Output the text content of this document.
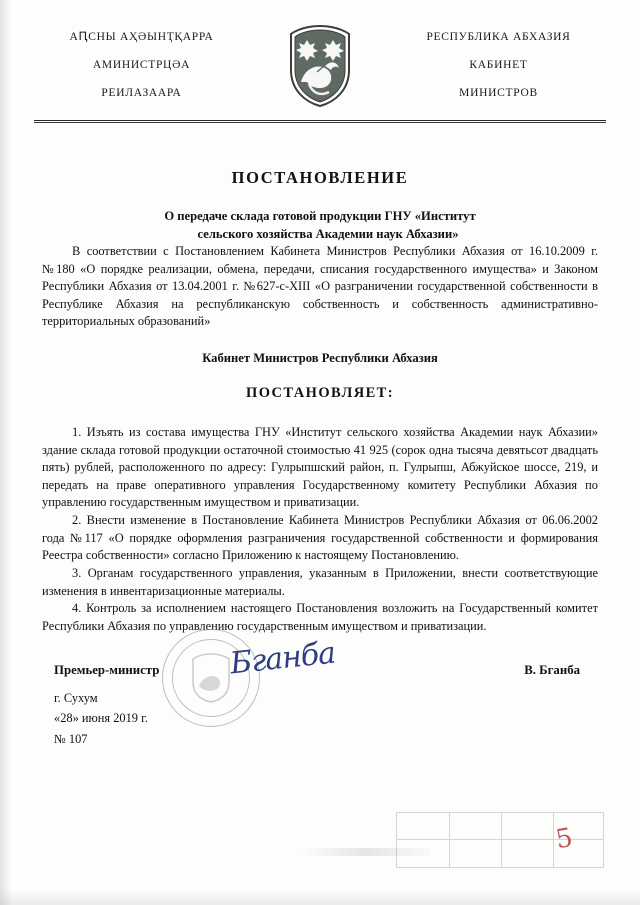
АԤСНЫ АҲӘЫНҬҚАРРА
АМИНИСТРЦӘА
РЕИЛАЗААРА
РЕСПУБЛИКА АБХАЗИЯ
КАБИНЕТ
МИНИСТРОВ
ПОСТАНОВЛЕНИЕ
О передаче склада готовой продукции ГНУ «Институт
сельского хозяйства Академии наук Абхазии»

В соответствии с Постановлением Кабинета Министров Республики Абхазия от 16.10.2009 г. №180 «О порядке реализации, обмена, передачи, списания государственного имущества» и Законом Республики Абхазия от 13.04.2001 г. №627-с-XIII «О разграничении государственной собственности в Республике Абхазия на республиканскую собственность и собственность административно-территориальных образований»

Кабинет Министров Республики Абхазия

ПОСТАНОВЛЯЕТ:

1. Изъять из состава имущества ГНУ «Институт сельского хозяйства Академии наук Абхазии» здание склада готовой продукции остаточной стоимостью 41 925 (сорок одна тысяча девятьсот двадцать пять) рублей, расположенного по адресу: Гулрыпшский район, п. Гулрыпш, Абжуйское шоссе, 219, и передать на праве оперативного управления Государственному комитету Республики Абхазия по управлению государственным имуществом и приватизации.

2. Внести изменение в Постановление Кабинета Министров Республики Абхазия от 06.06.2002 года №117 «О порядке оформления разграничения государственной собственности и формирования Реестра собственности» согласно Приложению к настоящему Постановлению.

3. Органам государственного управления, указанным в Приложении, внести соответствующие изменения в инвентаризационные материалы.

4. Контроль за исполнением настоящего Постановления возложить на Государственный комитет Республики Абхазия по управлению государственным имуществом и приватизации.

Премьер-министр Бганба	В. Бганба
г. Сухум
«28» июня 2019 г.
№ 107
5
